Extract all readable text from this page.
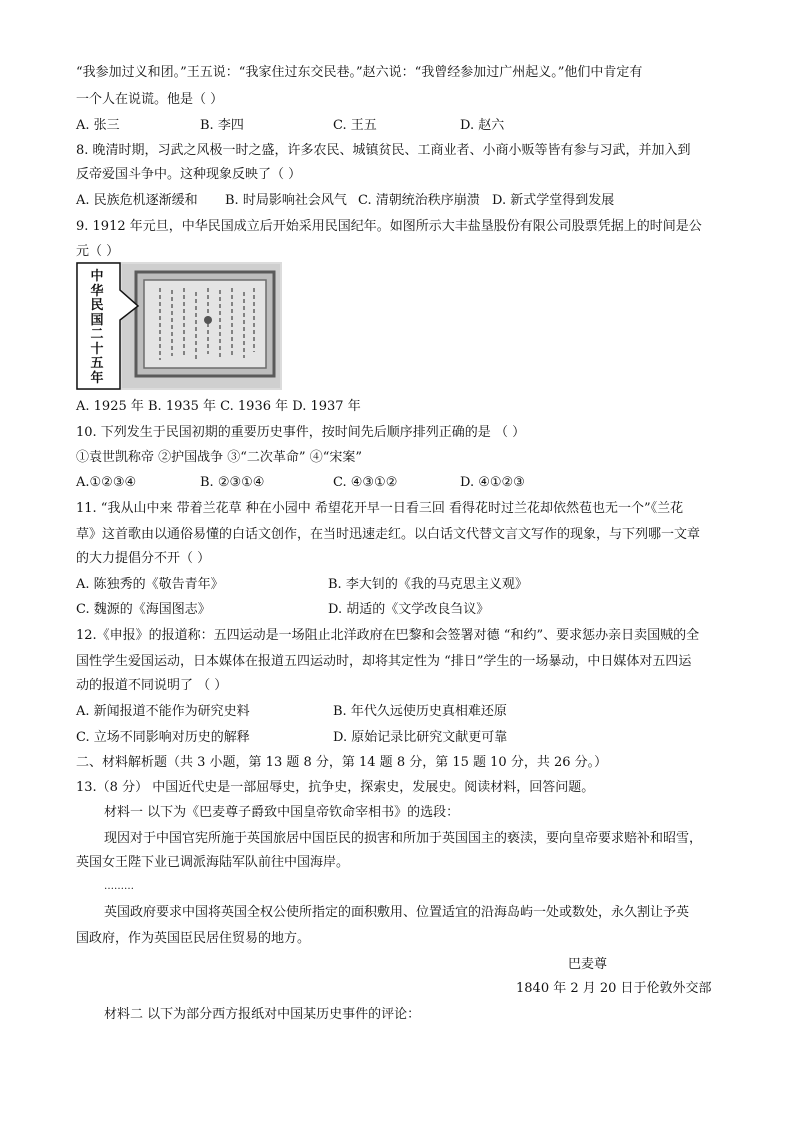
“我参加过义和团。”王五说：“我家住过东交民巷。”赵六说：“我曾经参加过广州起义。”他们中肯定有
一个人在说谎。他是（ ）
A. 张三	B. 李四	C. 王五	D. 赵六
8. 晚清时期，习武之风极一时之盛，许多农民、城镇贫民、工商业者、小商小贩等皆有参与习武，并加入到
反帝爱国斗争中。这种现象反映了（ ）
A. 民族危机逐渐缓和 B. 时局影响社会风气 C. 清朝统治秩序崩溃 D. 新式学堂得到发展
9. 1912 年元旦，中华民国成立后开始采用民国纪年。如图所示大丰盐垦股份有限公司股票凭据上的时间是公
元（ ）
中
华
民
国
二
十
五
年
A. 1925 年 B. 1935 年 C. 1936 年 D. 1937 年
10. 下列发生于民国初期的重要历史事件，按时间先后顺序排列正确的是 （ ）
①袁世凯称帝 ②护国战争 ③“二次革命” ④“宋案”
A.①②③④	B. ②③①④	C. ④③①②	D. ④①②③
11. “我从山中来 带着兰花草 种在小园中 希望花开早一日看三回 看得花时过兰花却依然苞也无一个”《兰花
草》这首歌由以通俗易懂的白话文创作，在当时迅速走红。以白话文代替文言文写作的现象，与下列哪一文章
的大力提倡分不开（ ）
A. 陈独秀的《敬告青年》	B. 李大钊的《我的马克思主义观》
C. 魏源的《海国图志》	D. 胡适的《文学改良刍议》
12.《申报》的报道称：五四运动是一场阻止北洋政府在巴黎和会签署对德 “和约”、要求惩办亲日卖国贼的全
国性学生爱国运动，日本媒体在报道五四运动时，却将其定性为 “排日”学生的一场暴动，中日媒体对五四运
动的报道不同说明了 （ ）
A. 新闻报道不能作为研究史料	B. 年代久远使历史真相难还原
C. 立场不同影响对历史的解释	D. 原始记录比研究文献更可靠
二、材料解析题（共 3 小题，第 13 题 8 分，第 14 题 8 分，第 15 题 10 分，共 26 分。）
13.（8 分） 中国近代史是一部屈辱史，抗争史，探索史，发展史。阅读材料，回答问题。
材料一 以下为《巴麦尊子爵致中国皇帝钦命宰相书》的选段：
现因对于中国官宪所施于英国旅居中国臣民的损害和所加于英国国主的亵渎，要向皇帝要求赔补和昭雪，
英国女王陛下业已调派海陆军队前往中国海岸。
………
英国政府要求中国将英国全权公使所指定的面积敷用、位置适宜的沿海岛屿一处或数处，永久割让予英
国政府，作为英国臣民居住贸易的地方。
巴麦尊
1840 年 2 月 20 日于伦敦外交部
材料二 以下为部分西方报纸对中国某历史事件的评论：
